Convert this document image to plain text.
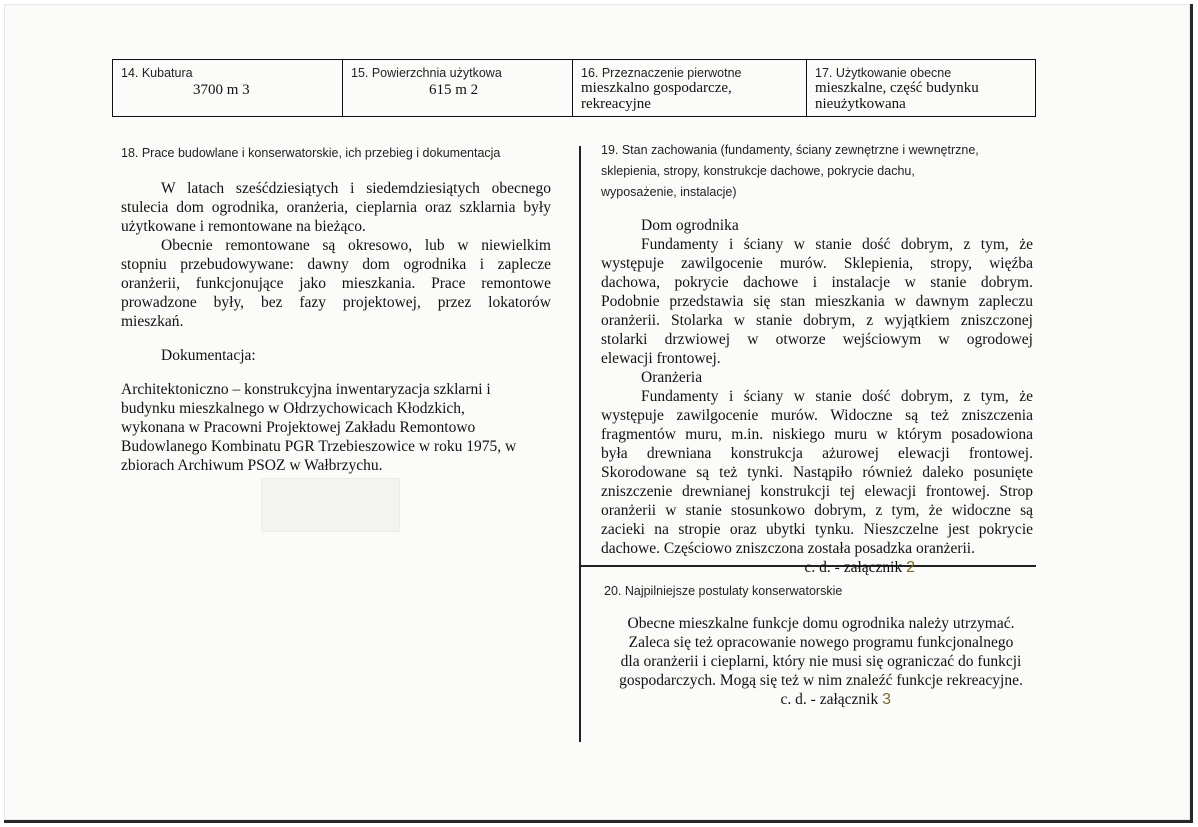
14. Kubatura
3700 m 3
15. Powierzchnia użytkowa
615 m 2
16. Przeznaczenie pierwotne
mieszkalno gospodarcze,
rekreacyjne
17. Użytkowanie obecne
mieszkalne, część budynku
nieużytkowana
18. Prace budowlane i konserwatorskie, ich przebieg i dokumentacja
W latach sześćdziesiątych i siedemdziesiątych obecnego
stulecia dom ogrodnika, oranżeria, cieplarnia oraz szklarnia były
użytkowane i remontowane na bieżąco.
Obecnie remontowane są okresowo, lub w niewielkim
stopniu przebudowywane: dawny dom ogrodnika i zaplecze
oranżerii, funkcjonujące jako mieszkania. Prace remontowe
prowadzone były, bez fazy projektowej, przez lokatorów
mieszkań.
Dokumentacja:
Architektoniczno – konstrukcyjna inwentaryzacja szklarni i
budynku mieszkalnego w Ołdrzychowicach Kłodzkich,
wykonana w Pracowni Projektowej Zakładu Remontowo
Budowlanego Kombinatu PGR Trzebieszowice w roku 1975, w
zbiorach Archiwum PSOZ w Wałbrzychu.
19. Stan zachowania (fundamenty, ściany zewnętrzne i wewnętrzne,
sklepienia, stropy, konstrukcje dachowe, pokrycie dachu,
wyposażenie, instalacje)
Dom ogrodnika
Fundamenty i ściany w stanie dość dobrym, z tym, że
występuje zawilgocenie murów. Sklepienia, stropy, więźba
dachowa, pokrycie dachowe i instalacje w stanie dobrym.
Podobnie przedstawia się stan mieszkania w dawnym zapleczu
oranżerii. Stolarka w stanie dobrym, z wyjątkiem zniszczonej
stolarki drzwiowej w otworze wejściowym w ogrodowej
elewacji frontowej.
Oranżeria
Fundamenty i ściany w stanie dość dobrym, z tym, że
występuje zawilgocenie murów. Widoczne są też zniszczenia
fragmentów muru, m.in. niskiego muru w którym posadowiona
była drewniana konstrukcja ażurowej elewacji frontowej.
Skorodowane są też tynki. Nastąpiło również daleko posunięte
zniszczenie drewnianej konstrukcji tej elewacji frontowej. Strop
oranżerii w stanie stosunkowo dobrym, z tym, że widoczne są
zacieki na stropie oraz ubytki tynku. Nieszczelne jest pokrycie
dachowe. Częściowo zniszczona została posadzka oranżerii.
c. d. - załącznik 2
20. Najpilniejsze postulaty konserwatorskie
Obecne mieszkalne funkcje domu ogrodnika należy utrzymać.
Zaleca się też opracowanie nowego programu funkcjonalnego
dla oranżerii i cieplarni, który nie musi się ograniczać do funkcji
gospodarczych. Mogą się też w nim znaleźć funkcje rekreacyjne.
c. d. - załącznik 3
